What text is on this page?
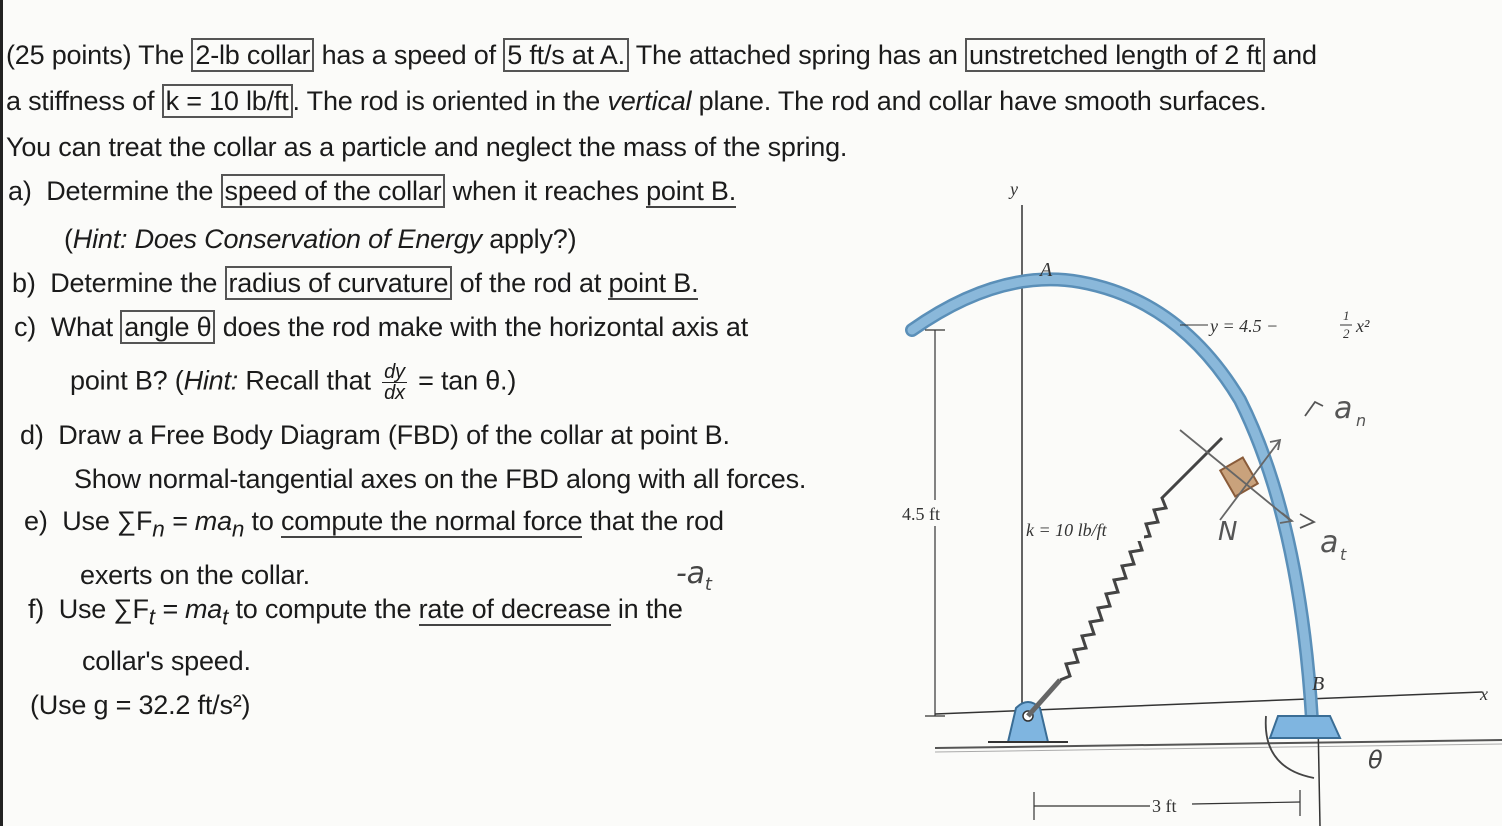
(25 points) The 2-lb collar has a speed of 5 ft/s at A. The attached spring has an unstretched length of 2 ft and
a stiffness of k = 10 lb/ft . The rod is oriented in the vertical plane. The rod and collar have smooth surfaces.
You can treat the collar as a particle and neglect the mass of the spring.
a) Determine the speed of the collar when it reaches point B.
(Hint: Does Conservation of Energy apply?)
b) Determine the radius of curvature of the rod at point B.
c) What angle θ does the rod make with the horizontal axis at
point B? (Hint: Recall that $\frac{dy}{dx} = \tan \theta$.)
d) Draw a Free Body Diagram (FBD) of the collar at point B.
Show normal-tangential axes on the FBD along with all forces.
e) Use $\sum F_n = ma_n$ to compute the normal force that the rod
exerts on the collar.	$-a_t$
f) Use $\sum F_t = ma_t$ to compute the rate of decrease in the
collar's speed.
(Use g = 32.2 ft/s²)
y
x
4.5 ft
3 ft
A
B
y = 4.5 −
1
2 x²
k = 10 lb/ft
a n
a t
N
θ
